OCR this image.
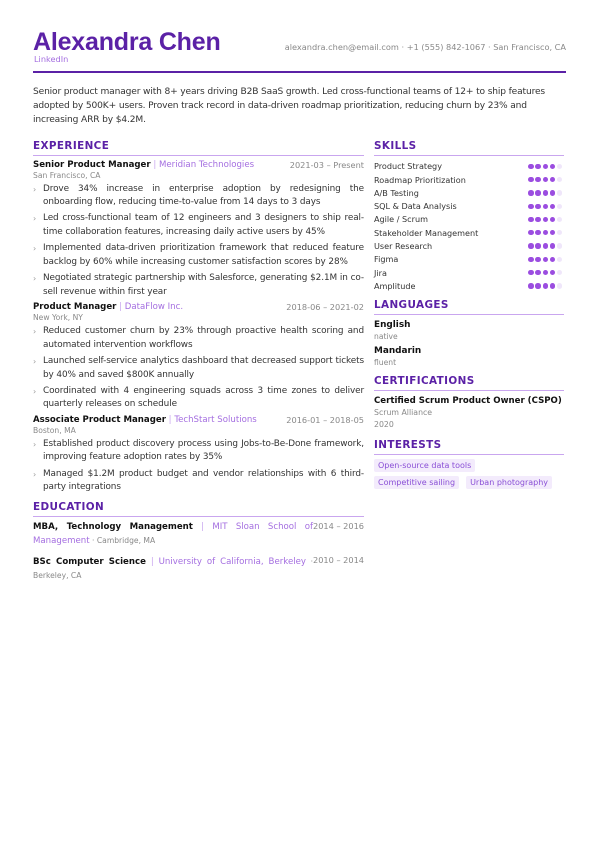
Alexandra Chen
LinkedIn
alexandra.chen@email.com · +1 (555) 842-1067 · San Francisco, CA
Senior product manager with 8+ years driving B2B SaaS growth. Led cross-functional teams of 12+ to ship features adopted by 500K+ users. Proven track record in data-driven roadmap prioritization, reducing churn by 23% and increasing ARR by $4.2M.
EXPERIENCE
Senior Product Manager | Meridian Technologies	2021-03 – Present
San Francisco, CA
› Drove 34% increase in enterprise adoption by redesigning the onboarding flow, reducing time-to-value from 14 days to 3 days
› Led cross-functional team of 12 engineers and 3 designers to ship real-time collaboration features, increasing daily active users by 45%
› Implemented data-driven prioritization framework that reduced feature backlog by 60% while increasing customer satisfaction scores by 28%
› Negotiated strategic partnership with Salesforce, generating $2.1M in co-sell revenue within first year
Product Manager | DataFlow Inc.	2018-06 – 2021-02
New York, NY
› Reduced customer churn by 23% through proactive health scoring and automated intervention workflows
› Launched self-service analytics dashboard that decreased support tickets by 40% and saved $800K annually
› Coordinated with 4 engineering squads across 3 time zones to deliver quarterly releases on schedule
Associate Product Manager | TechStart Solutions	2016-01 – 2018-05
Boston, MA
› Established product discovery process using Jobs-to-Be-Done framework, improving feature adoption rates by 35%
› Managed $1.2M product budget and vendor relationships with 6 third-party integrations
EDUCATION
MBA, Technology Management | MIT Sloan School of Management · Cambridge, MA
2014 – 2016
BSc Computer Science | University of California, Berkeley · Berkeley, CA
2010 – 2014
SKILLS
Product Strategy
Roadmap Prioritization
A/B Testing
SQL & Data Analysis
Agile / Scrum
Stakeholder Management
User Research
Figma
Jira
Amplitude
LANGUAGES
English
native
Mandarin
fluent
CERTIFICATIONS
Certified Scrum Product Owner (CSPO)
Scrum Alliance
2020
INTERESTS
Open-source data tools
Competitive sailing	Urban photography
